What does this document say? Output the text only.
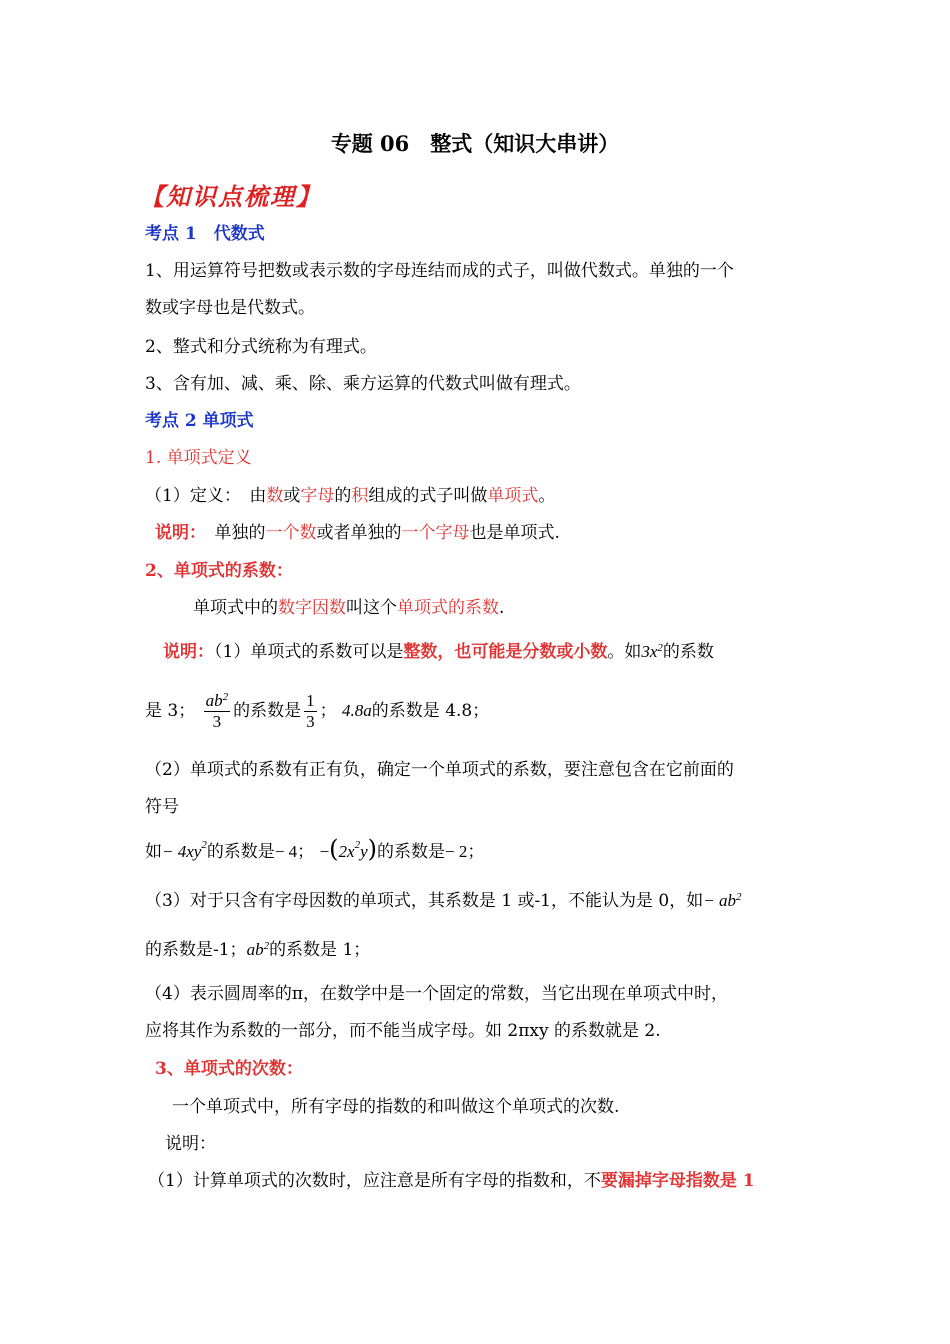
专题 06　整式（知识大串讲）
【知识点梳理】
考点 1　代数式
1、用运算符号把数或表示数的字母连结而成的式子，叫做代数式。单独的一个
数或字母也是代数式。
2、整式和分式统称为有理式。
3、含有加、减、乘、除、乘方运算的代数式叫做有理式。
考点 2 单项式
1. 单项式定义
（1）定义：　由数或字母的积组成的式子叫做单项式。
说明：　单独的一个数或者单独的一个字母也是单项式.
2、单项式的系数：
单项式中的数字因数叫这个单项式的系数.
说明：（1）单项式的系数可以是整数，也可能是分数或小数。如$3x^2$的系数
是 3； $\frac{ab^2}{3}$ 的系数是 $\frac{1}{3}$ ； 4.8a的系数是 4.8；
（2）单项式的系数有正有负，确定一个单项式的系数，要注意包含在它前面的
符号
如− $4xy^2$的系数是− 4； $-(2x^2y)$的系数是− 2；
（3）对于只含有字母因数的单项式，其系数是 1 或-1，不能认为是 0，如− $ab^2$
的系数是-1；$ab^2$的系数是 1；
（4）表示圆周率的π，在数学中是一个固定的常数，当它出现在单项式中时，
应将其作为系数的一部分，而不能当成字母。如 2πxy 的系数就是 2.
3、单项式的次数：
一个单项式中，所有字母的指数的和叫做这个单项式的次数.
说明：
（1）计算单项式的次数时，应注意是所有字母的指数和，不要漏掉字母指数是 1
